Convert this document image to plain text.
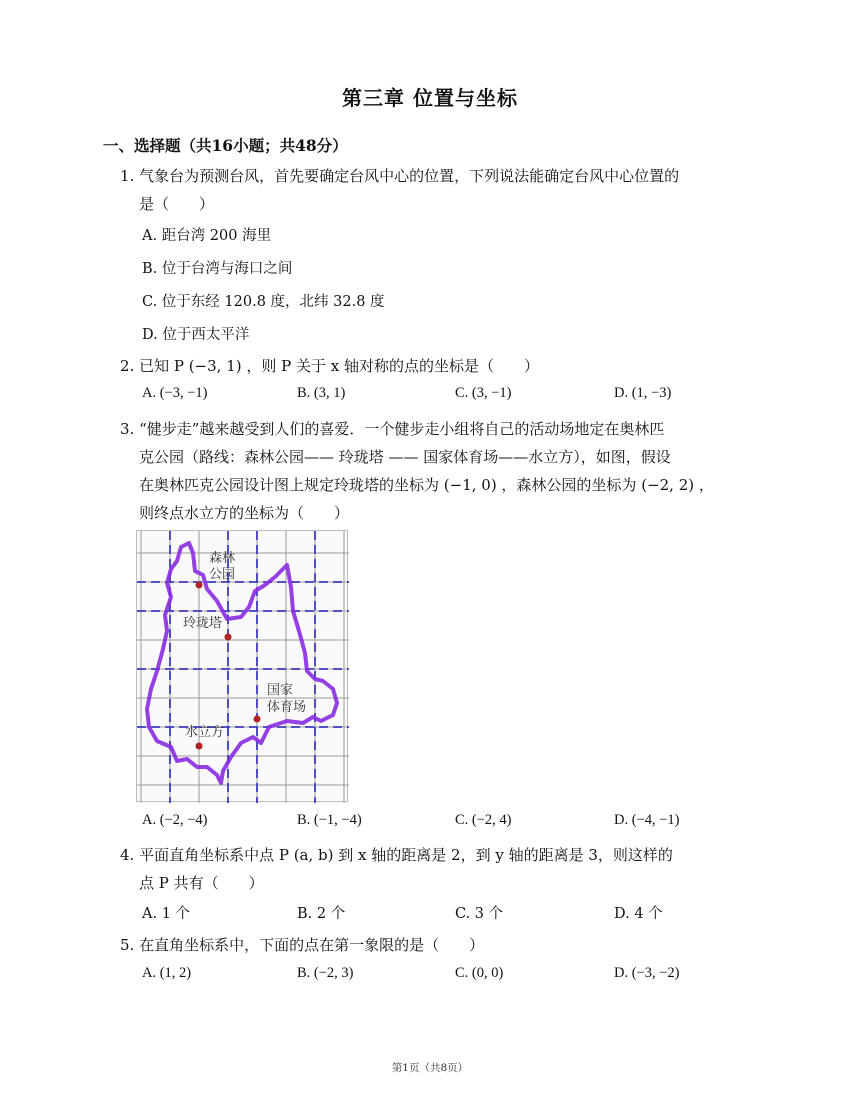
第三章 位置与坐标
一、选择题（共16小题；共48分）
1. 气象台为预测台风，首先要确定台风中心的位置，下列说法能确定台风中心位置的
是（　　）
A. 距台湾 200 海里
B. 位于台湾与海口之间
C. 位于东经 120.8 度，北纬 32.8 度
D. 位于西太平洋
2. 已知 P (−3, 1) ，则 P 关于 x 轴对称的点的坐标是（　　）
A. (−3, −1)	B. (3, 1)	C. (3, −1)	D. (1, −3)
3. “健步走”越来越受到人们的喜爱．一个健步走小组将自己的活动场地定在奥林匹
克公园（路线：森林公园—— 玲珑塔 —— 国家体育场——水立方），如图，假设
在奥林匹克公园设计图上规定玲珑塔的坐标为 (−1, 0) ，森林公园的坐标为 (−2, 2) ，
则终点水立方的坐标为（　　）
森林
公园
玲珑塔
国家
体育场
水立方
A. (−2, −4)	B. (−1, −4)	C. (−2, 4)	D. (−4, −1)
4. 平面直角坐标系中点 P (a, b) 到 x 轴的距离是 2，到 y 轴的距离是 3，则这样的
点 P 共有（　　）
A. 1 个	B. 2 个	C. 3 个	D. 4 个
5. 在直角坐标系中，下面的点在第一象限的是（　　）
A. (1, 2)	B. (−2, 3)	C. (0, 0)	D. (−3, −2)
第1页（共8页）
